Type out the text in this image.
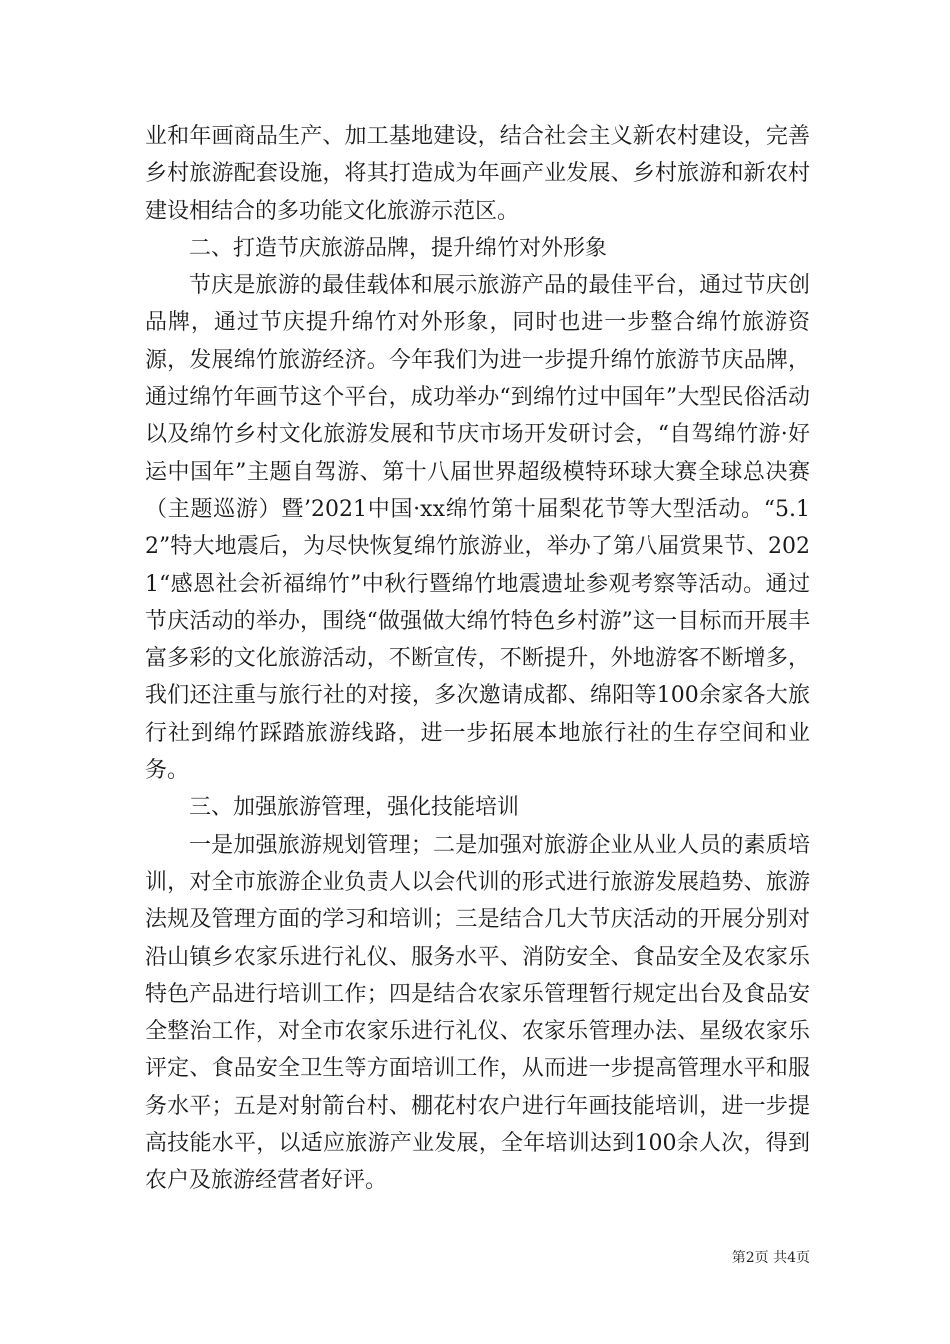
业和年画商品生产、加工基地建设，结合社会主义新农村建设，完善乡村旅游配套设施，将其打造成为年画产业发展、乡村旅游和新农村建设相结合的多功能文化旅游示范区。

二、打造节庆旅游品牌，提升绵竹对外形象

节庆是旅游的最佳载体和展示旅游产品的最佳平台，通过节庆创品牌，通过节庆提升绵竹对外形象，同时也进一步整合绵竹旅游资源，发展绵竹旅游经济。今年我们为进一步提升绵竹旅游节庆品牌，通过绵竹年画节这个平台，成功举办“到绵竹过中国年”大型民俗活动以及绵竹乡村文化旅游发展和节庆市场开发研讨会，“自驾绵竹游·好运中国年”主题自驾游、第十八届世界超级模特环球大赛全球总决赛（主题巡游）暨’2021中国·xx绵竹第十届梨花节等大型活动。“5.12”特大地震后，为尽快恢复绵竹旅游业，举办了第八届赏果节、2021“感恩社会祈福绵竹”中秋行暨绵竹地震遗址参观考察等活动。通过节庆活动的举办，围绕“做强做大绵竹特色乡村游”这一目标而开展丰富多彩的文化旅游活动，不断宣传，不断提升，外地游客不断增多，我们还注重与旅行社的对接，多次邀请成都、绵阳等100余家各大旅行社到绵竹踩踏旅游线路，进一步拓展本地旅行社的生存空间和业务。

三、加强旅游管理，强化技能培训

一是加强旅游规划管理；二是加强对旅游企业从业人员的素质培训，对全市旅游企业负责人以会代训的形式进行旅游发展趋势、旅游法规及管理方面的学习和培训；三是结合几大节庆活动的开展分别对沿山镇乡农家乐进行礼仪、服务水平、消防安全、食品安全及农家乐特色产品进行培训工作；四是结合农家乐管理暂行规定出台及食品安全整治工作，对全市农家乐进行礼仪、农家乐管理办法、星级农家乐评定、食品安全卫生等方面培训工作，从而进一步提高管理水平和服务水平；五是对射箭台村、棚花村农户进行年画技能培训，进一步提高技能水平，以适应旅游产业发展，全年培训达到100余人次，得到农户及旅游经营者好评。

第2页 共4页
